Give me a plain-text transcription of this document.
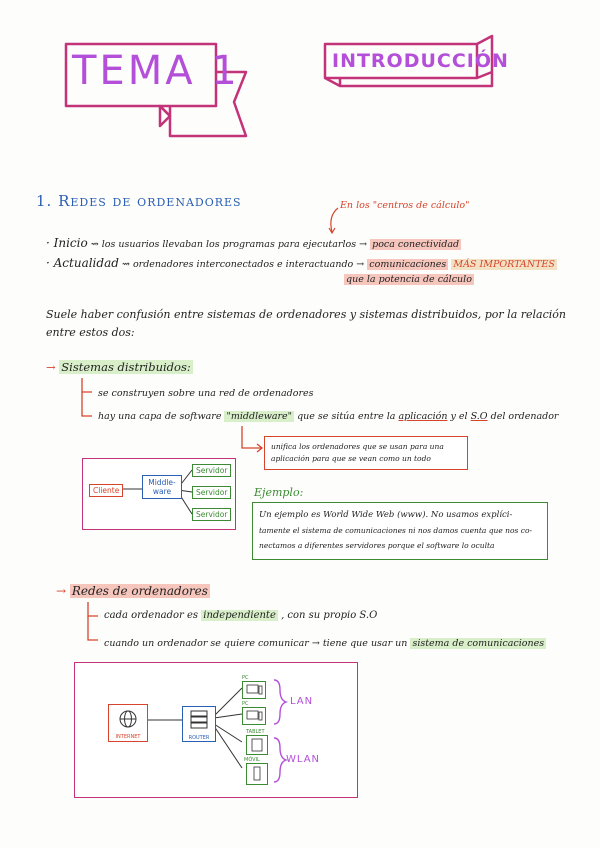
TEMA 1	INTRODUCCIÓN
1. Redes de ordenadores	En los "centros de cálculo"
· Inicio ⇝ los usuarios llevaban los programas para ejecutarlos → poca conectividad
· Actualidad ⇝ ordenadores interconectados e interactuando → comunicaciones MÁS IMPORTANTES
que la potencia de cálculo
Suele haber confusión entre sistemas de ordenadores y sistemas distribuidos, por la relación
entre estos dos:
→ Sistemas distribuidos:
se construyen sobre una red de ordenadores
hay una capa de software "middleware" que se sitúa entre la aplicación y el S.O del ordenador
unifica los ordenadores que se usan para una
aplicación para que se vean como un todo
Cliente
Middle-ware
Servidor
Servidor
Servidor
Ejemplo:
Un ejemplo es World Wide Web (www). No usamos explíci-
tamente el sistema de comunicaciones ni nos damos cuenta que nos co-
nectamos a diferentes servidores porque el software lo oculta
→ Redes de ordenadores
cada ordenador es independiente , con su propio S.O
cuando un ordenador se quiere comunicar → tiene que usar un sistema de comunicaciones
INTERNET	ROUTER
PC
PC
TABLET
MÓVIL
LAN
WLAN
